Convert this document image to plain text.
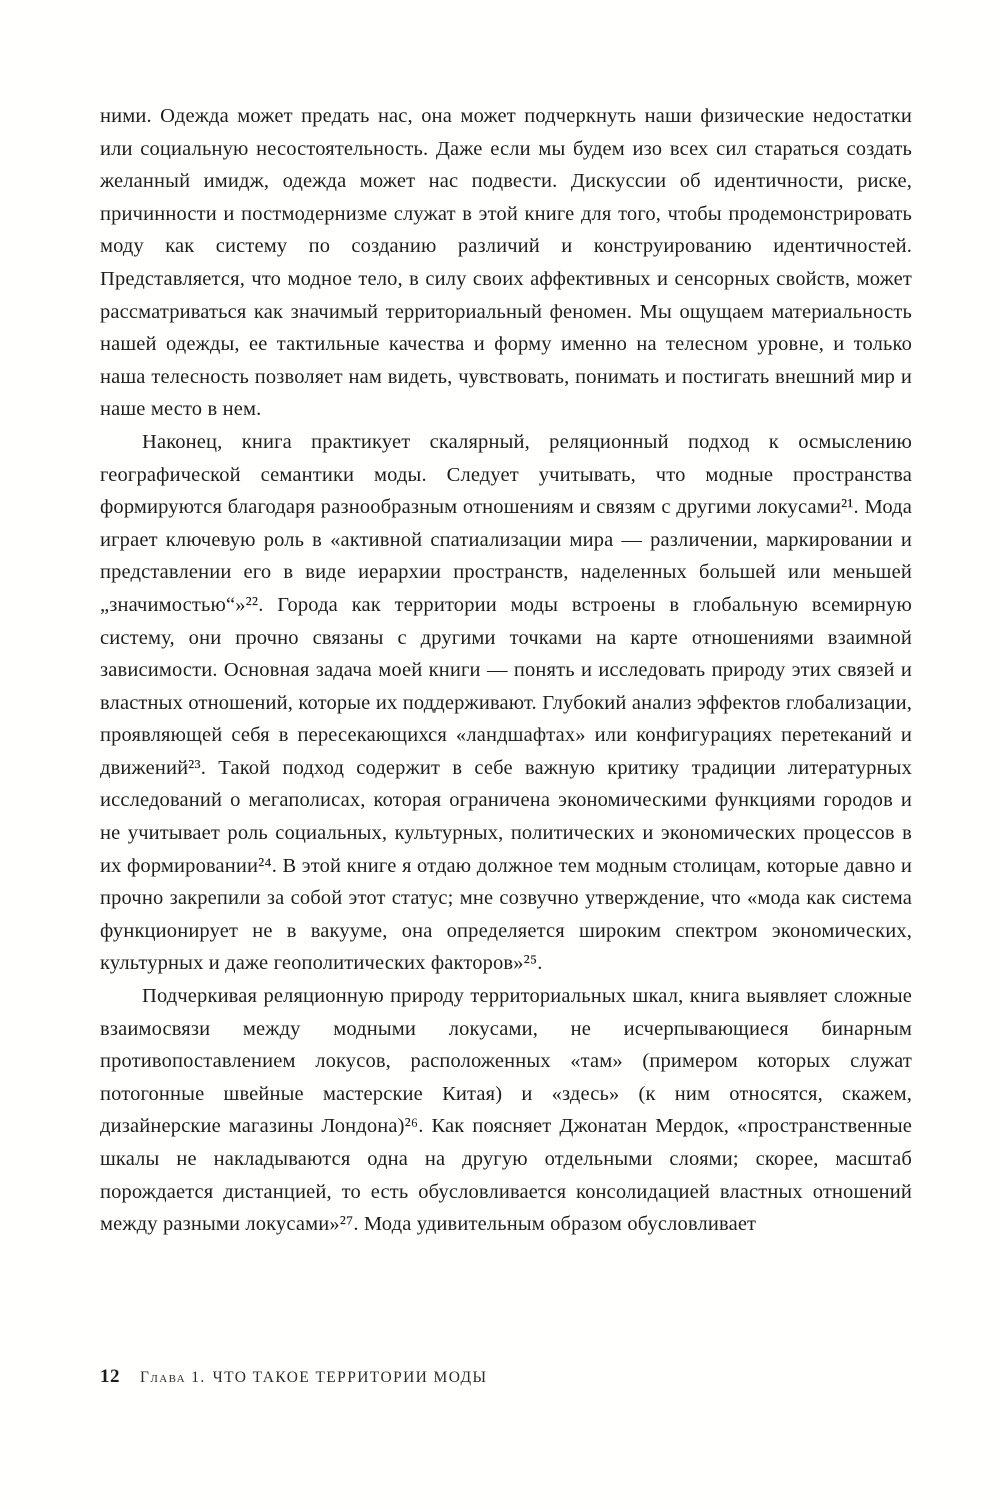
ними. Одежда может предать нас, она может подчеркнуть наши физические недостатки или социальную несостоятельность. Даже если мы будем изо всех сил стараться создать желанный имидж, одежда может нас подвести. Дискуссии об идентичности, риске, причинности и постмодернизме служат в этой книге для того, чтобы продемонстрировать моду как систему по созданию различий и конструированию идентичностей. Представляется, что модное тело, в силу своих аффективных и сенсорных свойств, может рассматриваться как значимый территориальный феномен. Мы ощущаем материальность нашей одежды, ее тактильные качества и форму именно на телесном уровне, и только наша телесность позволяет нам видеть, чувствовать, понимать и постигать внешний мир и наше место в нем.

Наконец, книга практикует скалярный, реляционный подход к осмыслению географической семантики моды. Следует учитывать, что модные пространства формируются благодаря разнообразным отношениям и связям с другими локусами²¹. Мода играет ключевую роль в «активной спатиализации мира — различении, маркировании и представлении его в виде иерархии пространств, наделенных большей или меньшей „значимостью“»²². Города как территории моды встроены в глобальную всемирную систему, они прочно связаны с другими точками на карте отношениями взаимной зависимости. Основная задача моей книги — понять и исследовать природу этих связей и властных отношений, которые их поддерживают. Глубокий анализ эффектов глобализации, проявляющей себя в пересекающихся «ландшафтах» или конфигурациях перетеканий и движений²³. Такой подход содержит в себе важную критику традиции литературных исследований о мегаполисах, которая ограничена экономическими функциями городов и не учитывает роль социальных, культурных, политических и экономических процессов в их формировании²⁴. В этой книге я отдаю должное тем модным столицам, которые давно и прочно закрепили за собой этот статус; мне созвучно утверждение, что «мода как система функционирует не в вакууме, она определяется широким спектром экономических, культурных и даже геополитических факторов»²⁵.

Подчеркивая реляционную природу территориальных шкал, книга выявляет сложные взаимосвязи между модными локусами, не исчерпывающиеся бинарным противопоставлением локусов, расположенных «там» (примером которых служат потогонные швейные мастерские Китая) и «здесь» (к ним относятся, скажем, дизайнерские магазины Лондона)²⁶. Как поясняет Джонатан Мердок, «пространственные шкалы не накладываются одна на другую отдельными слоями; скорее, масштаб порождается дистанцией, то есть обусловливается консолидацией властных отношений между разными локусами»²⁷. Мода удивительным образом обусловливает

12 Глава 1. ЧТО ТАКОЕ ТЕРРИТОРИИ МОДЫ
